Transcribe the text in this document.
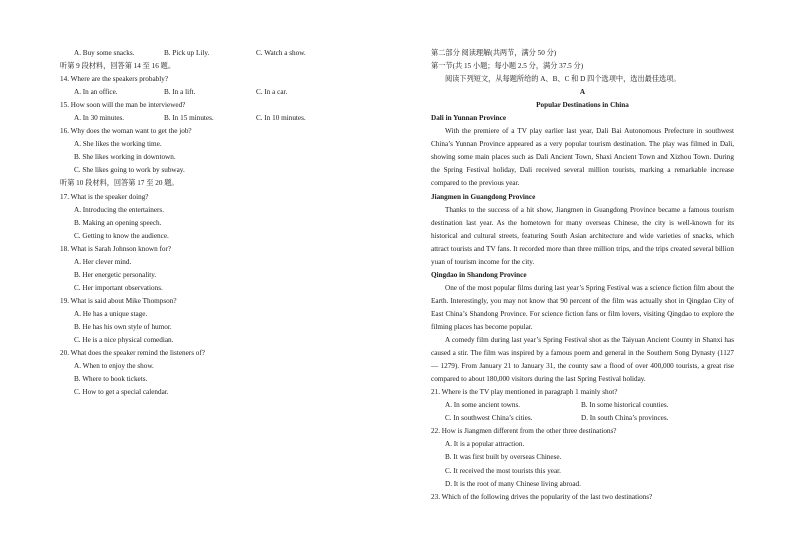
A. Buy some snacks.	B. Pick up Lily.	C. Watch a show.
听第 9 段材料，回答第 14 至 16 题。
14. Where are the speakers probably?
A. In an office.	B. In a lift.	C. In a car.
15. How soon will the man be interviewed?
A. In 30 minutes.	B. In 15 minutes.	C. In 10 minutes.
16. Why does the woman want to get the job?
A. She likes the working time.
B. She likes working in downtown.
C. She likes going to work by subway.
听第 10 段材料，回答第 17 至 20 题。
17. What is the speaker doing?
A. Introducing the entertainers.
B. Making an opening speech.
C. Getting to know the audience.
18. What is Sarah Johnson known for?
A. Her clever mind.
B. Her energetic personality.
C. Her important observations.
19. What is said about Mike Thompson?
A. He has a unique stage.
B. He has his own style of humor.
C. He is a nice physical comedian.
20. What does the speaker remind the listeners of?
A. When to enjoy the show.
B. Where to book tickets.
C. How to get a special calendar.
第二部分 阅读理解(共两节，满分 50 分)
第一节(共 15 小题；每小题 2.5 分，满分 37.5 分)
阅读下列短文，从每题所给的 A、B、C 和 D 四个选项中，选出最佳选项。
A
Popular Destinations in China
Dali in Yunnan Province

With the premiere of a TV play earlier last year, Dali Bai Autonomous Prefecture in southwest China’s Yunnan Province appeared as a very popular tourism destination. The play was filmed in Dali, showing some main places such as Dali Ancient Town, Shaxi Ancient Town and Xizhou Town. During the Spring Festival holiday, Dali received several million tourists, marking a remarkable increase compared to the previous year.

Jiangmen in Guangdong Province

Thanks to the success of a hit show, Jiangmen in Guangdong Province became a famous tourism destination last year. As the hometown for many overseas Chinese, the city is well-known for its historical and cultural streets, featuring South Asian architecture and wide varieties of snacks, which attract tourists and TV fans. It recorded more than three million trips, and the trips created several billion yuan of tourism income for the city.

Qingdao in Shandong Province

One of the most popular films during last year’s Spring Festival was a science fiction film about the Earth. Interestingly, you may not know that 90 percent of the film was actually shot in Qingdao City of East China’s Shandong Province. For science fiction fans or film lovers, visiting Qingdao to explore the filming places has become popular.

A comedy film during last year’s Spring Festival shot as the Taiyuan Ancient County in Shanxi has caused a stir. The film was inspired by a famous poem and general in the Southern Song Dynasty (1127 — 1279). From January 21 to January 31, the county saw a flood of over 400,000 tourists, a great rise compared to about 180,000 visitors during the last Spring Festival holiday.

21. Where is the TV play mentioned in paragraph 1 mainly shot?
A. In some ancient towns.	B. In some historical counties.
C. In southwest China’s cities.	D. In south China’s provinces.
22. How is Jiangmen different from the other three destinations?
A. It is a popular attraction.
B. It was first built by overseas Chinese.
C. It received the most tourists this year.
D. It is the root of many Chinese living abroad.
23. Which of the following drives the popularity of the last two destinations?
